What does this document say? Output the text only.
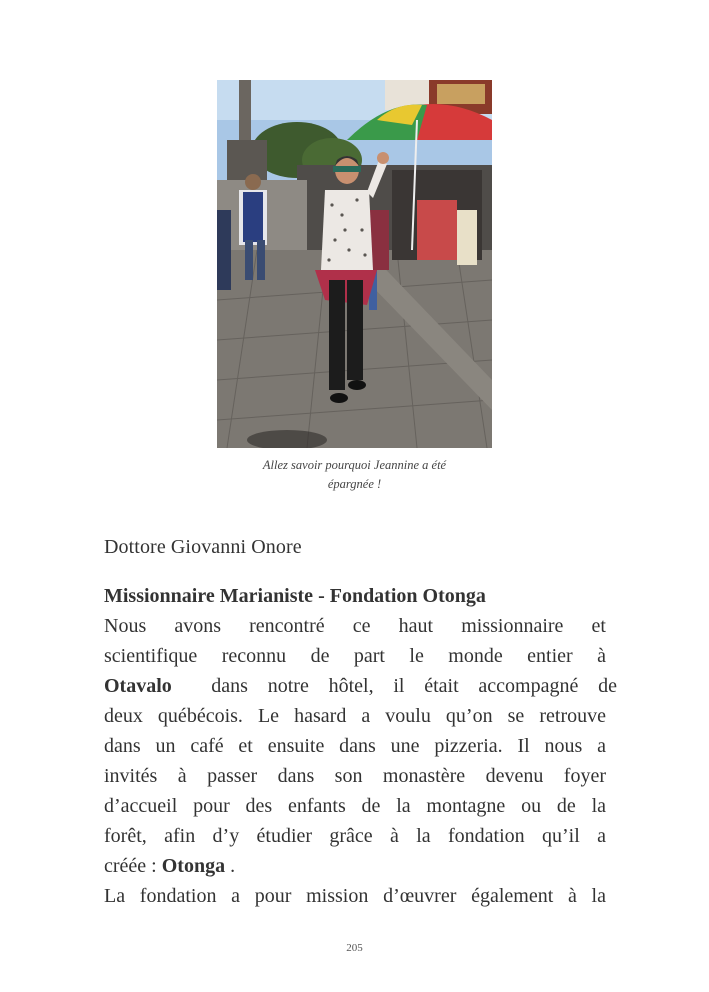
Allez savoir pourquoi Jeannine a été
épargnée !
Dottore Giovanni Onore
Missionnaire Marianiste - Fondation Otonga
Nous avons rencontré ce haut missionnaire et
scientifique reconnu de part le monde entier à
Otavalo  dans notre hôtel, il était accompagné de
deux québécois. Le hasard a voulu qu’on se retrouve
dans un café et ensuite dans une pizzeria. Il nous a
invités à passer dans son monastère devenu foyer
d’accueil pour des enfants de la montagne ou de la
forêt, afin d’y étudier grâce à la fondation qu’il a
créée : Otonga .
La fondation a pour mission d’œuvrer également à la
205
